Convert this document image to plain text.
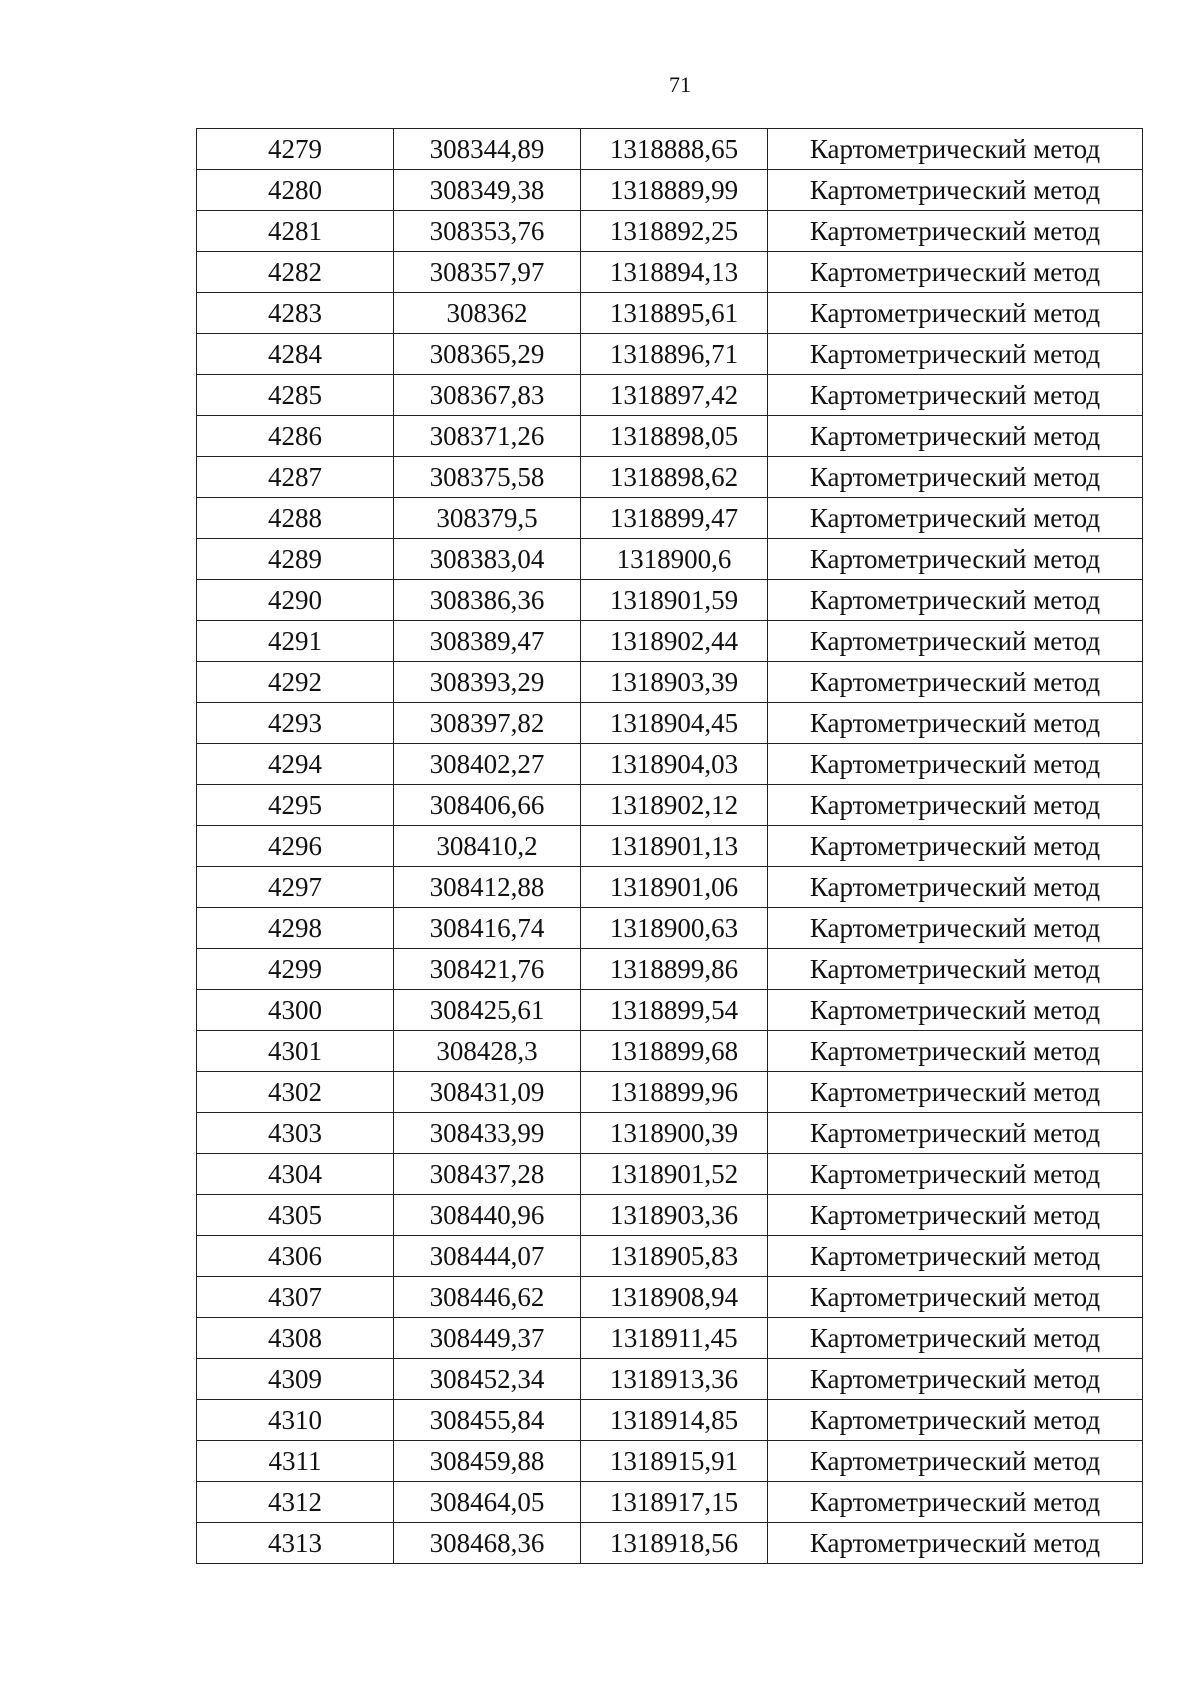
71
4279	308344,89	1318888,65	Картометрический метод
4280	308349,38	1318889,99	Картометрический метод
4281	308353,76	1318892,25	Картометрический метод
4282	308357,97	1318894,13	Картометрический метод
4283	308362	1318895,61	Картометрический метод
4284	308365,29	1318896,71	Картометрический метод
4285	308367,83	1318897,42	Картометрический метод
4286	308371,26	1318898,05	Картометрический метод
4287	308375,58	1318898,62	Картометрический метод
4288	308379,5	1318899,47	Картометрический метод
4289	308383,04	1318900,6	Картометрический метод
4290	308386,36	1318901,59	Картометрический метод
4291	308389,47	1318902,44	Картометрический метод
4292	308393,29	1318903,39	Картометрический метод
4293	308397,82	1318904,45	Картометрический метод
4294	308402,27	1318904,03	Картометрический метод
4295	308406,66	1318902,12	Картометрический метод
4296	308410,2	1318901,13	Картометрический метод
4297	308412,88	1318901,06	Картометрический метод
4298	308416,74	1318900,63	Картометрический метод
4299	308421,76	1318899,86	Картометрический метод
4300	308425,61	1318899,54	Картометрический метод
4301	308428,3	1318899,68	Картометрический метод
4302	308431,09	1318899,96	Картометрический метод
4303	308433,99	1318900,39	Картометрический метод
4304	308437,28	1318901,52	Картометрический метод
4305	308440,96	1318903,36	Картометрический метод
4306	308444,07	1318905,83	Картометрический метод
4307	308446,62	1318908,94	Картометрический метод
4308	308449,37	1318911,45	Картометрический метод
4309	308452,34	1318913,36	Картометрический метод
4310	308455,84	1318914,85	Картометрический метод
4311	308459,88	1318915,91	Картометрический метод
4312	308464,05	1318917,15	Картометрический метод
4313	308468,36	1318918,56	Картометрический метод
